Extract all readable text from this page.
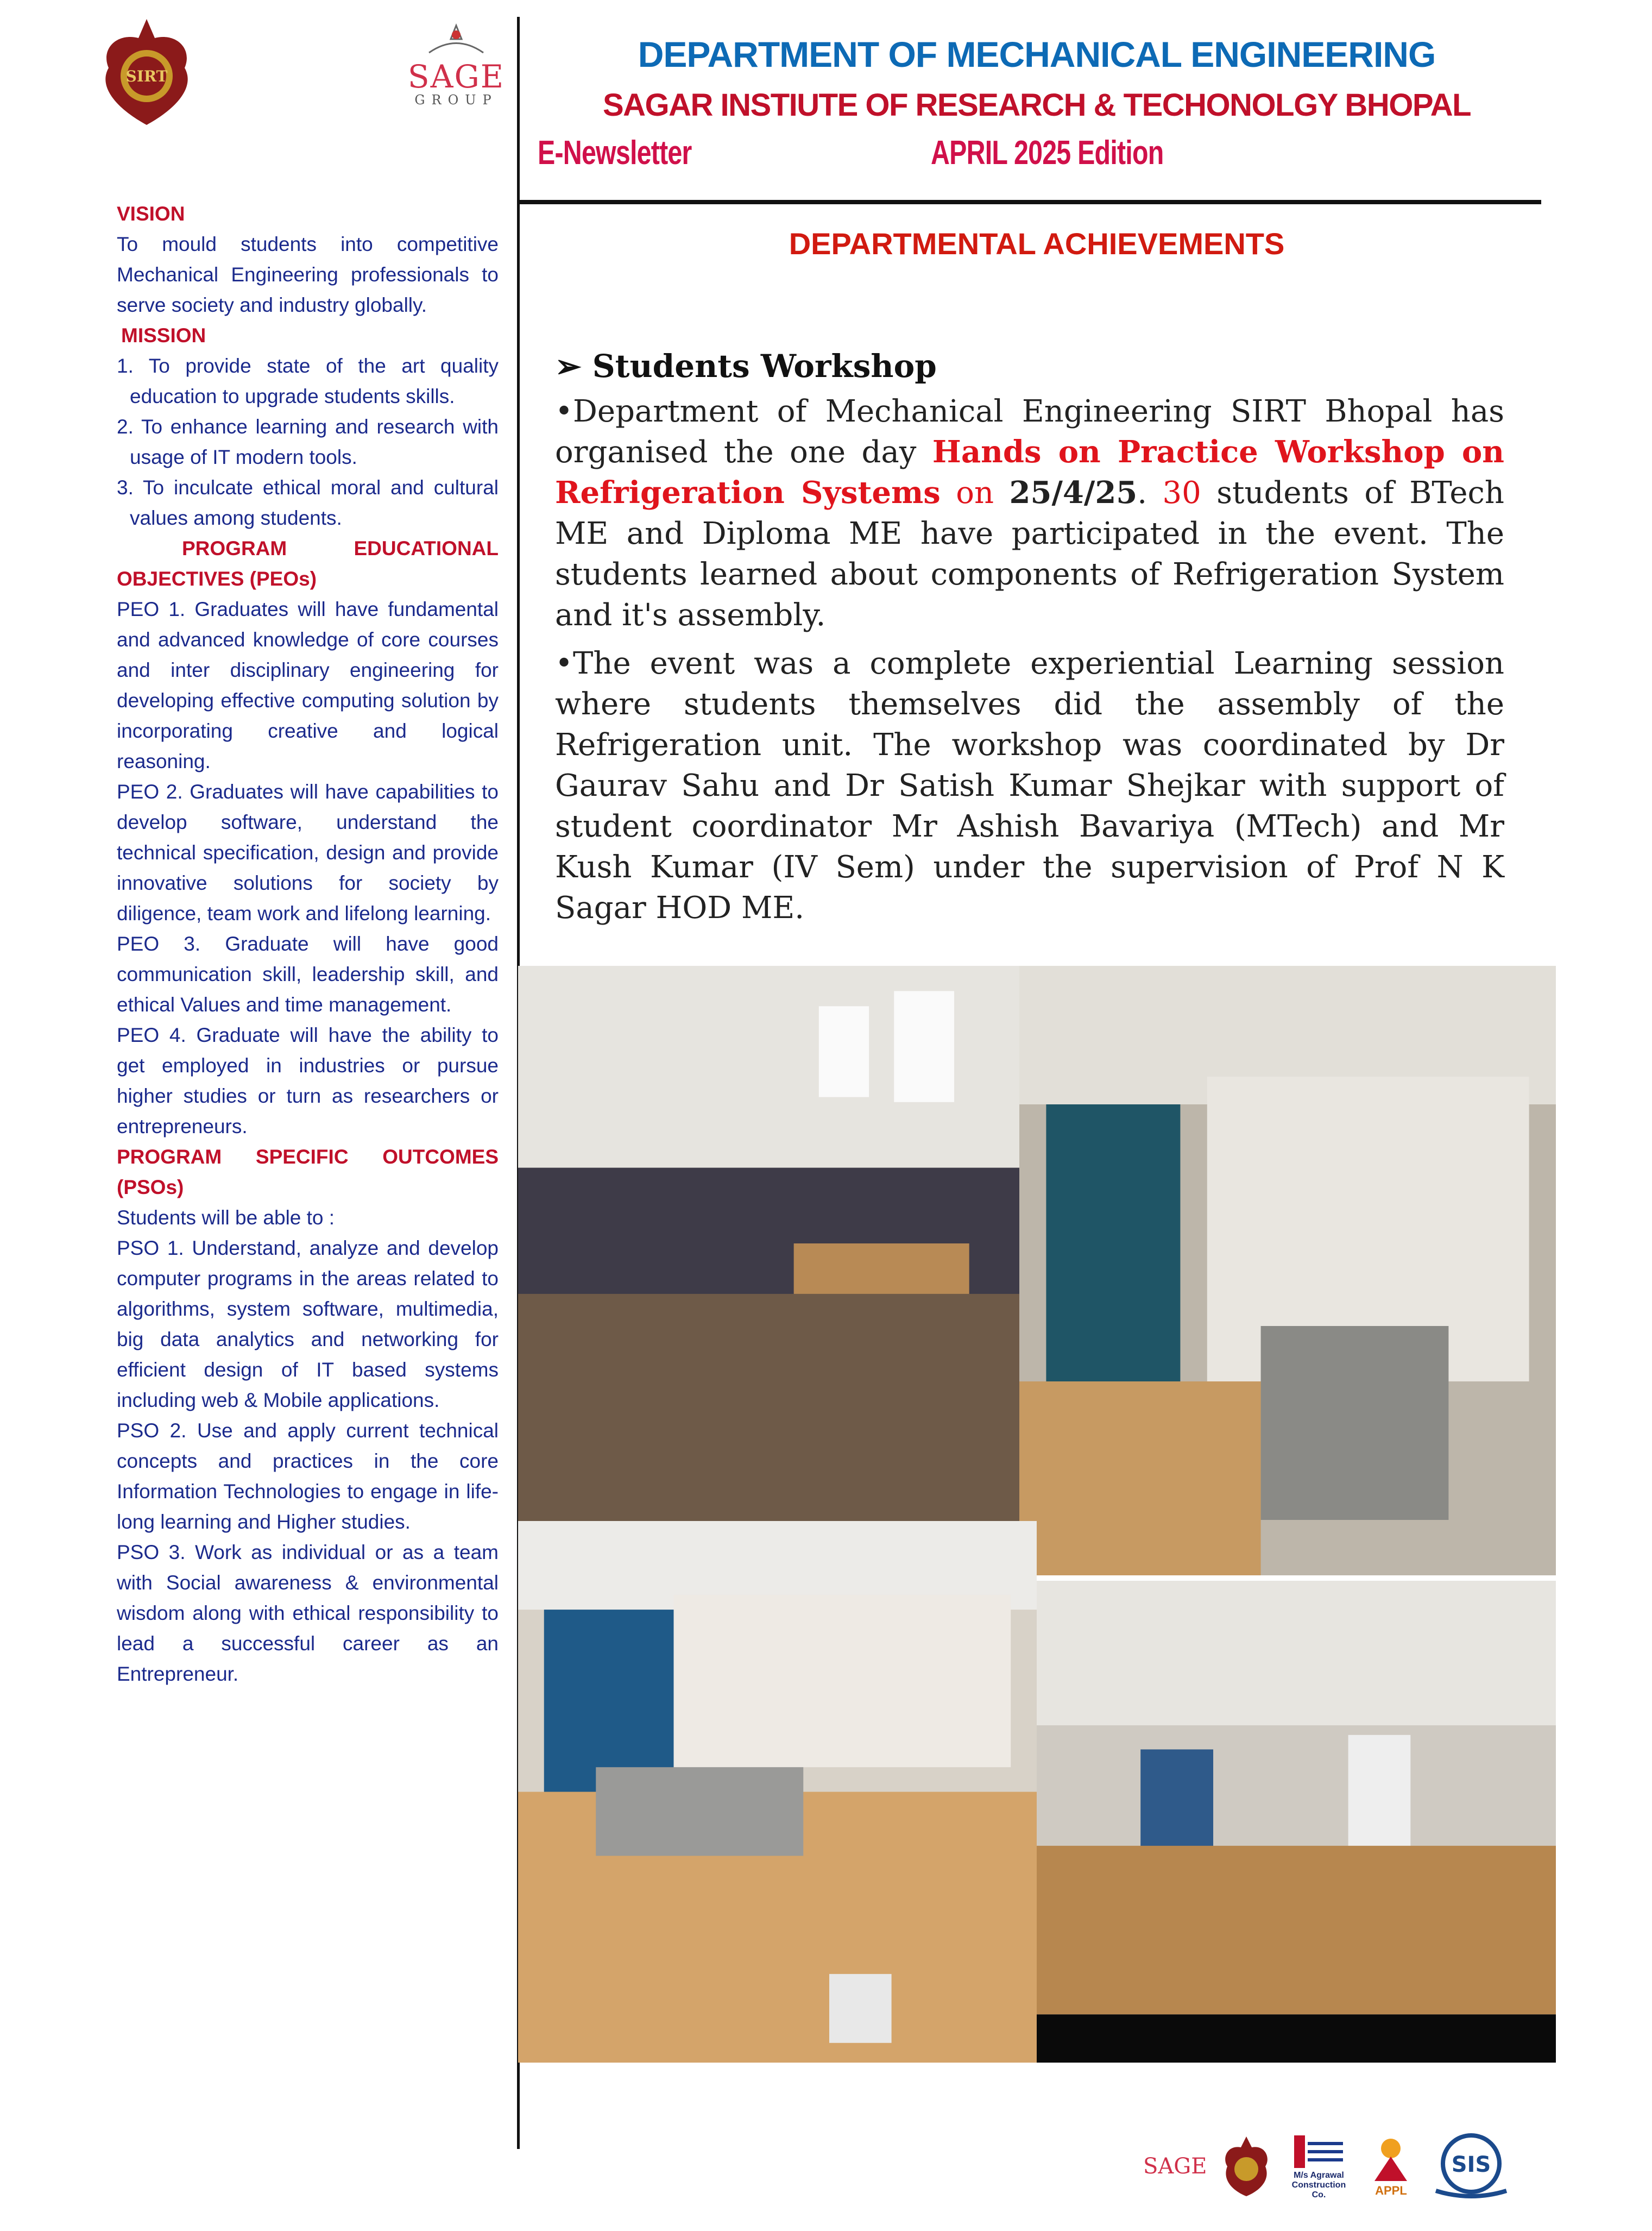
SIRT	SAGE
GROUP
DEPARTMENT OF MECHANICAL ENGINEERING
SAGAR INSTIUTE OF RESEARCH & TECHONOLGY BHOPAL
E-Newsletter	APRIL 2025 Edition
DEPARTMENTAL ACHIEVEMENTS

VISION

To mould students into competitive Mechanical Engineering professionals to serve society and industry globally.

MISSION

1. To provide state of the art quality education to upgrade students skills.

2. To enhance learning and research with usage of IT modern tools.

3. To inculcate ethical moral and cultural values among students.

PROGRAM EDUCATIONAL OBJECTIVES (PEOs)

PEO 1. Graduates will have fundamental and advanced knowledge of core courses and inter disciplinary engineering for developing effective computing solution by incorporating creative and logical reasoning.

PEO 2. Graduates will have capabilities to develop software, understand the technical specification, design and provide innovative solutions for society by diligence, team work and lifelong learning.

PEO 3. Graduate will have good communication skill, leadership skill, and ethical Values and time management.

PEO 4. Graduate will have the ability to get employed in industries or pursue higher studies or turn as researchers or entrepreneurs.

PROGRAM SPECIFIC OUTCOMES (PSOs)

Students will be able to :

PSO 1. Understand, analyze and develop computer programs in the areas related to algorithms, system software, multimedia, big data analytics and networking for efficient design of IT based systems including web & Mobile applications.

PSO 2. Use and apply current technical concepts and practices in the core Information Technologies to engage in life-long learning and Higher studies.

PSO 3. Work as individual or as a team with Social awareness & environmental wisdom along with ethical responsibility to lead a successful career as an Entrepreneur.

➢ Students Workshop

•Department of Mechanical Engineering SIRT Bhopal has organised the one day Hands on Practice Workshop on Refrigeration Systems on 25/4/25. 30 students of BTech ME and Diploma ME have participated in the event. The students learned about components of Refrigeration System and it's assembly.

•The event was a complete experiential Learning session where students themselves did the assembly of the Refrigeration unit. The workshop was coordinated by Dr Gaurav Sahu and Dr Satish Kumar Shejkar with support of student coordinator Mr Ashish Bavariya (MTech) and Mr Kush Kumar (IV Sem) under the supervision of Prof N K Sagar HOD ME.

SAGE	M/s Agrawal Construction Co.	APPL
SIS
